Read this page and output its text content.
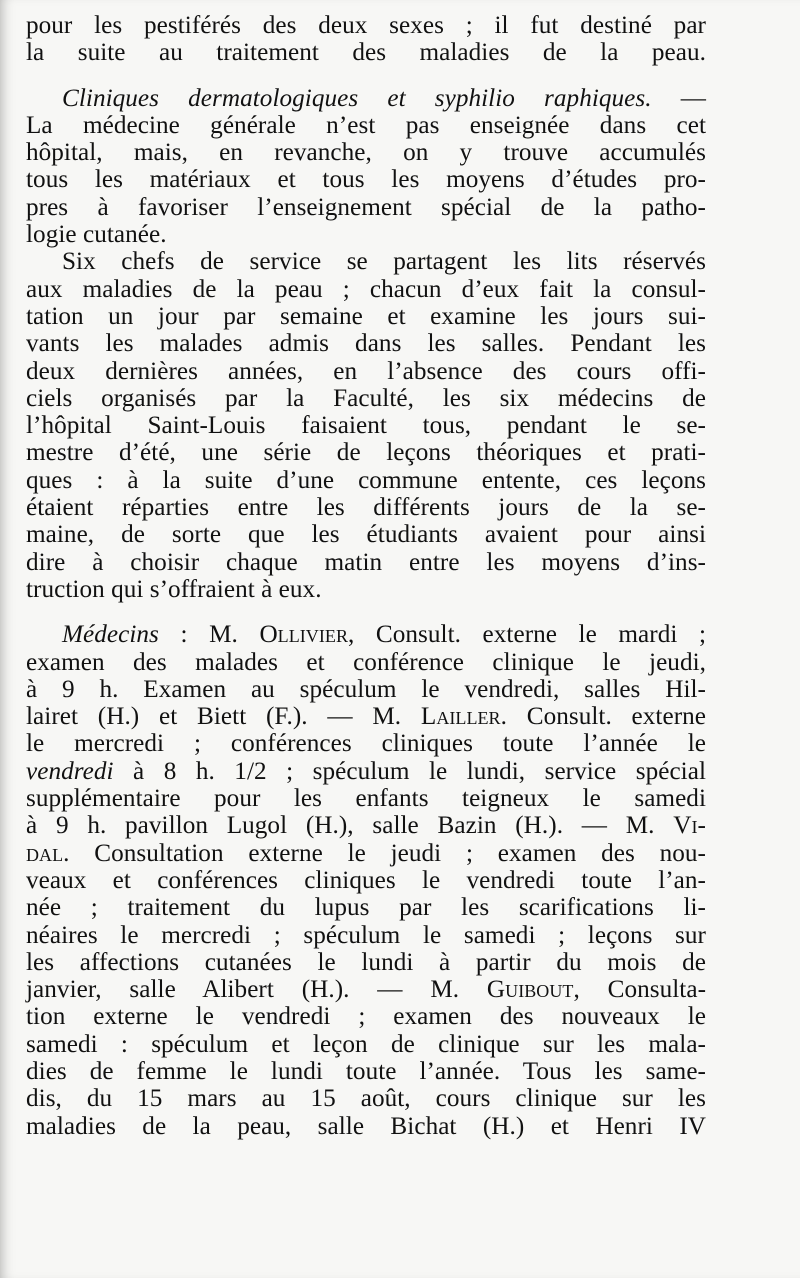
pour les pestiférés des deux sexes ; il fut destiné par
la suite au traitement des maladies de la peau.
Cliniques dermatologiques et syphilio raphiques. —
La médecine générale n’est pas enseignée dans cet
hôpital, mais, en revanche, on y trouve accumulés
tous les matériaux et tous les moyens d’études pro-
pres à favoriser l’enseignement spécial de la patho-
logie cutanée.
Six chefs de service se partagent les lits réservés
aux maladies de la peau ; chacun d’eux fait la consul-
tation un jour par semaine et examine les jours sui-
vants les malades admis dans les salles. Pendant les
deux dernières années, en l’absence des cours offi-
ciels organisés par la Faculté, les six médecins de
l’hôpital Saint-Louis faisaient tous, pendant le se-
mestre d’été, une série de leçons théoriques et prati-
ques : à la suite d’une commune entente, ces leçons
étaient réparties entre les différents jours de la se-
maine, de sorte que les étudiants avaient pour ainsi
dire à choisir chaque matin entre les moyens d’ins-
truction qui s’offraient à eux.
Médecins : M. Ollivier, Consult. externe le mardi ;
examen des malades et conférence clinique le jeudi,
à 9 h. Examen au spéculum le vendredi, salles Hil-
lairet (H.) et Biett (F.). — M. Lailler. Consult. externe
le mercredi ; conférences cliniques toute l’année le
vendredi à 8 h. 1/2 ; spéculum le lundi, service spécial
supplémentaire pour les enfants teigneux le samedi
à 9 h. pavillon Lugol (H.), salle Bazin (H.). — M. Vi-
dal. Consultation externe le jeudi ; examen des nou-
veaux et conférences cliniques le vendredi toute l’an-
née ; traitement du lupus par les scarifications li-
néaires le mercredi ; spéculum le samedi ; leçons sur
les affections cutanées le lundi à partir du mois de
janvier, salle Alibert (H.). — M. Guibout, Consulta-
tion externe le vendredi ; examen des nouveaux le
samedi : spéculum et leçon de clinique sur les mala-
dies de femme le lundi toute l’année. Tous les same-
dis, du 15 mars au 15 août, cours clinique sur les
maladies de la peau, salle Bichat (H.) et Henri IV
